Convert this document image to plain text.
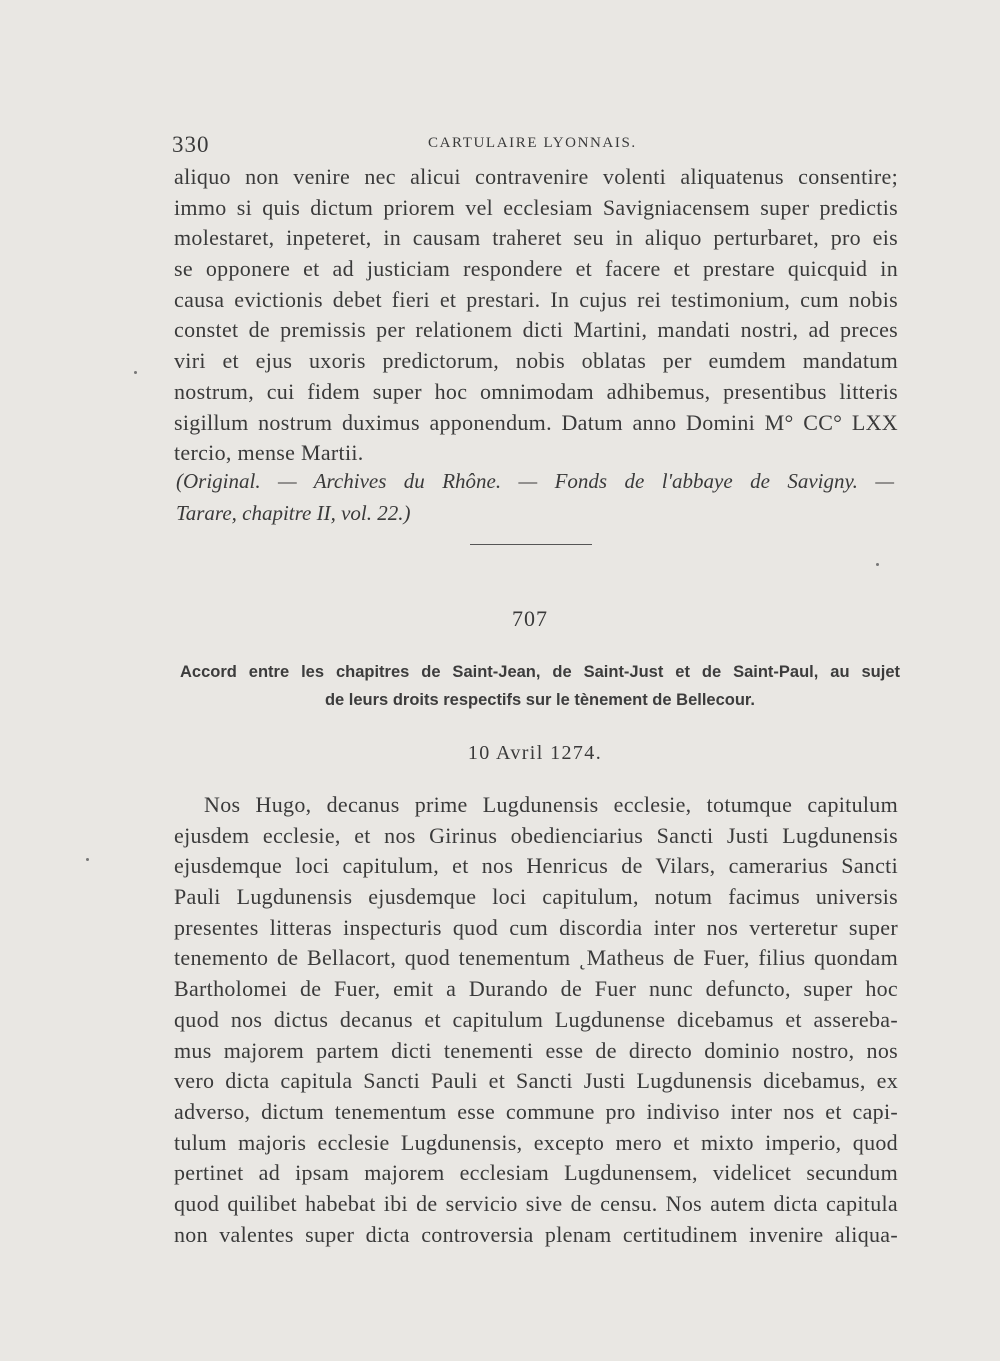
330	CARTULAIRE LYONNAIS.
aliquo non venire nec alicui contravenire volenti aliquatenus consentire;
immo si quis dictum priorem vel ecclesiam Savigniacensem super predictis
molestaret, inpeteret, in causam traheret seu in aliquo perturbaret, pro eis
se opponere et ad justiciam respondere et facere et prestare quicquid in
causa evictionis debet fieri et prestari. In cujus rei testimonium, cum nobis
constet de premissis per relationem dicti Martini, mandati nostri, ad preces
viri et ejus uxoris predictorum, nobis oblatas per eumdem mandatum
nostrum, cui fidem super hoc omnimodam adhibemus, presentibus litteris
sigillum nostrum duximus apponendum. Datum anno Domini M° CC° LXX
tercio, mense Martii.
(Original. — Archives du Rhône. — Fonds de l'abbaye de Savigny. —
Tarare, chapitre II, vol. 22.)
707
Accord entre les chapitres de Saint-Jean, de Saint-Just et de Saint-Paul, au sujet
de leurs droits respectifs sur le tènement de Bellecour.
10 Avril 1274.
Nos Hugo, decanus prime Lugdunensis ecclesie, totumque capitulum
ejusdem ecclesie, et nos Girinus obedienciarius Sancti Justi Lugdunensis
ejusdemque loci capitulum, et nos Henricus de Vilars, camerarius Sancti
Pauli Lugdunensis ejusdemque loci capitulum, notum facimus universis
presentes litteras inspecturis quod cum discordia inter nos verteretur super
tenemento de Bellacort, quod tenementum ˛Matheus de Fuer, filius quondam
Bartholomei de Fuer, emit a Durando de Fuer nunc defuncto, super hoc
quod nos dictus decanus et capitulum Lugdunense dicebamus et assereba-
mus majorem partem dicti tenementi esse de directo dominio nostro, nos
vero dicta capitula Sancti Pauli et Sancti Justi Lugdunensis dicebamus, ex
adverso, dictum tenementum esse commune pro indiviso inter nos et capi-
tulum majoris ecclesie Lugdunensis, excepto mero et mixto imperio, quod
pertinet ad ipsam majorem ecclesiam Lugdunensem, videlicet secundum
quod quilibet habebat ibi de servicio sive de censu. Nos autem dicta capitula
non valentes super dicta controversia plenam certitudinem invenire aliqua-
